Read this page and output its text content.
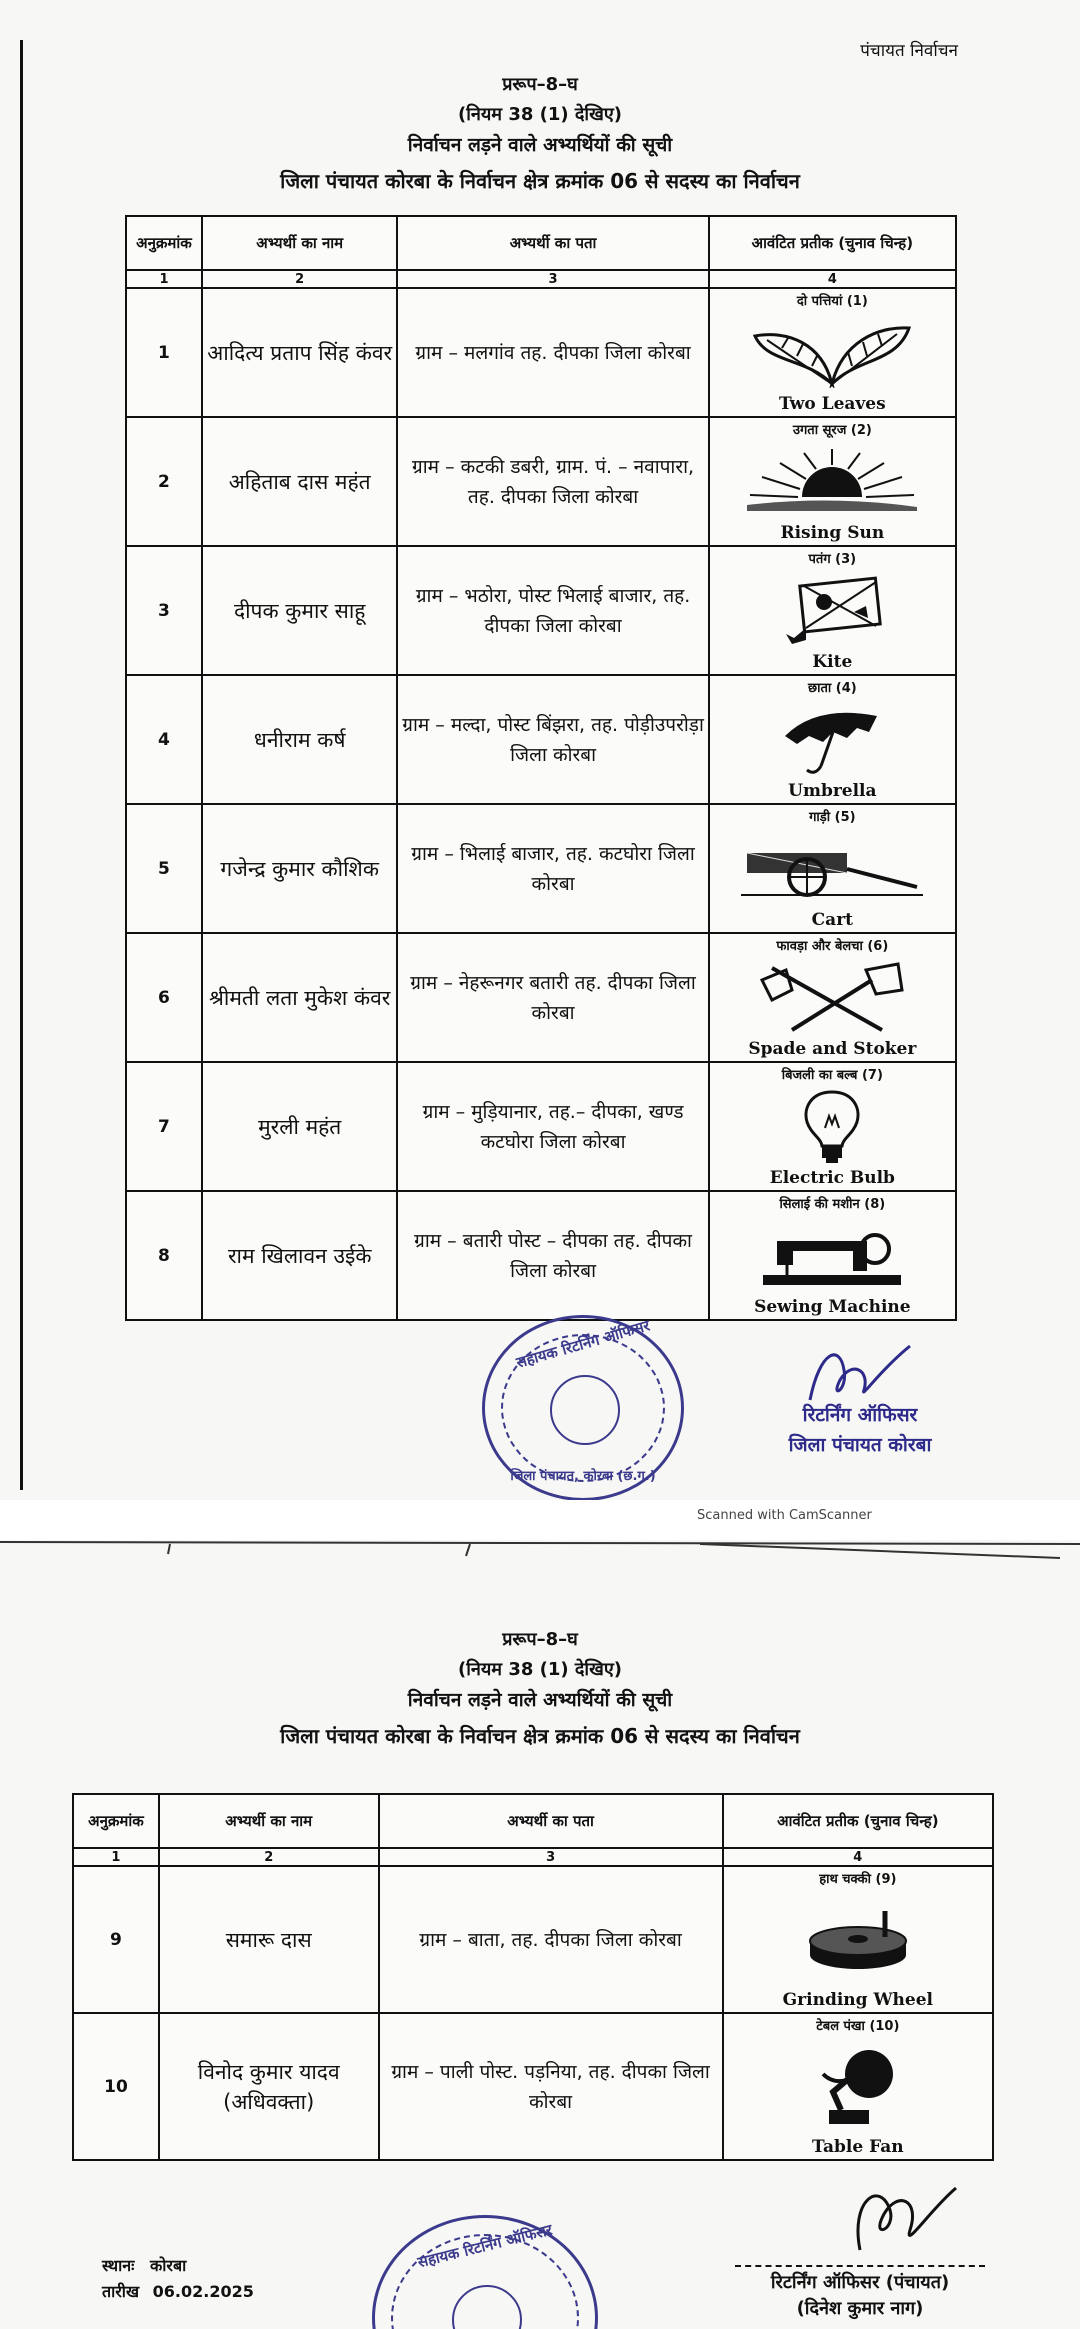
पंचायत निर्वाचन
प्ररूप–8–घ
(नियम 38 (1) देखिए)
निर्वाचन लड़ने वाले अभ्यर्थियों की सूची
जिला पंचायत कोरबा के निर्वाचन क्षेत्र क्रमांक 06 से सदस्य का निर्वाचन
अनुक्रमांक	अभ्यर्थी का नाम	अभ्यर्थी का पता	आवंटित प्रतीक (चुनाव चिन्ह)
1	2	3	4
1	आदित्य प्रताप सिंह कंवर	ग्राम – मलगांव तह. दीपका जिला कोरबा	दो पत्तियां (1)
Two Leaves

2	अहिताब दास महंत	ग्राम – कटकी डबरी, ग्राम. पं. – नवापारा, तह. दीपका जिला कोरबा	उगता सूरज (2)
Rising Sun

3	दीपक कुमार साहू	ग्राम – भठोरा, पोस्ट भिलाई बाजार, तह. दीपका जिला कोरबा	पतंग (3)
Kite

4	धनीराम कर्ष	ग्राम – मल्दा, पोस्ट बिंझरा, तह. पोड़ीउपरोड़ा जिला कोरबा	छाता (4)
Umbrella

5	गजेन्द्र कुमार कौशिक	ग्राम – भिलाई बाजार, तह. कटघोरा जिला कोरबा	गाड़ी (5)
Cart

6	श्रीमती लता मुकेश कंवर	ग्राम – नेहरूनगर बतारी तह. दीपका जिला कोरबा	फावड़ा और बेलचा (6)
Spade and Stoker

7	मुरली महंत	ग्राम – मुड़ियानार, तह.– दीपका, खण्ड कटघोरा जिला कोरबा	बिजली का बल्ब (7)
Electric Bulb

8	राम खिलावन उईके	ग्राम – बतारी पोस्ट – दीपका तह. दीपका जिला कोरबा	सिलाई की मशीन (8)
Sewing Machine
सहायक रिटर्निंग ऑफिसर
जिला पंचायत, कोरबा (छ.ग.)
रिटर्निंग ऑफिसर
जिला पंचायत कोरबा
Scanned with CamScanner
प्ररूप–8–घ
(नियम 38 (1) देखिए)
निर्वाचन लड़ने वाले अभ्यर्थियों की सूची
जिला पंचायत कोरबा के निर्वाचन क्षेत्र क्रमांक 06 से सदस्य का निर्वाचन
अनुक्रमांक	अभ्यर्थी का नाम	अभ्यर्थी का पता	आवंटित प्रतीक (चुनाव चिन्ह)
1	2	3	4
9	समारू दास	ग्राम – बाता, तह. दीपका जिला कोरबा	हाथ चक्की (9)
Grinding Wheel

10	विनोद कुमार यादव (अधिवक्ता)	ग्राम – पाली पोस्ट. पड़निया, तह. दीपका जिला कोरबा	टेबल पंखा (10)
Table Fan
स्थानः कोरबा
तारीख 06.02.2025
सहायक रिटर्निंग ऑफिसर
रिटर्निंग ऑफिसर (पंचायत)
(दिनेश कुमार नाग)
